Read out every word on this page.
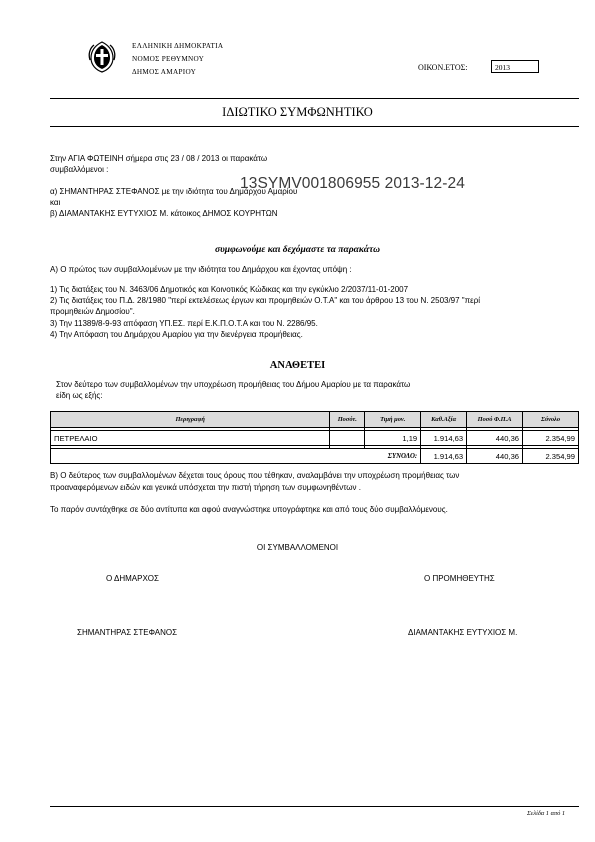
ΕΛΛΗΝΙΚΗ ΔΗΜΟΚΡΑΤΙΑ
ΝΟΜΟΣ ΡΕΘΥΜΝΟΥ
ΔΗΜΟΣ ΑΜΑΡΙΟΥ	ΟΙΚΟΝ.ΕΤΟΣ:	2013
ΙΔΙΩΤΙΚΟ ΣΥΜΦΩΝΗΤΙΚΟ
Στην ΑΓΙΑ ΦΩΤΕΙΝΗ σήμερα στις 23 / 08 / 2013 οι παρακάτω
συμβαλλόμενοι :
α) ΣΗΜΑΝΤΗΡΑΣ ΣΤΕΦΑΝΟΣ με την ιδιότητα του Δημάρχου Αμαρίου
και
β) ΔΙΑΜΑΝΤΑΚΗΣ ΕΥΤΥΧΙΟΣ Μ. κάτοικος ΔΗΜΟΣ ΚΟΥΡΗΤΩΝ
13SYMV001806955 2013-12-24
συμφωνούμε και δεχόμαστε τα παρακάτω
Α) Ο πρώτος των συμβαλλομένων με την ιδιότητα του Δημάρχου και έχοντας υπόψη :
1) Τις διατάξεις του Ν. 3463/06 Δημοτικός και Κοινοτικός Κώδικας και την εγκύκλιο 2/2037/11-01-2007
2) Τις διατάξεις του Π.Δ. 28/1980 "περί εκτελέσεως έργων και προμηθειών Ο.Τ.Α" και του άρθρου 13 του Ν. 2503/97 "περί
προμηθειών Δημοσίου".
3) Την 11389/8-9-93 απόφαση ΥΠ.ΕΣ. περί Ε.Κ.Π.Ο.Τ.Α και του Ν. 2286/95.
4) Την Απόφαση του Δημάρχου Αμαρίου για την διενέργεια προμήθειας.
ΑΝΑΘΕΤΕΙ
Στον δεύτερο των συμβαλλομένων την υποχρέωση προμήθειας του Δήμου Αμαρίου με τα παρακάτω
είδη ως εξής:
Περιγραφή	Ποσότ.	Τιμή μον.	Καθ.Αξία	Ποσό Φ.Π.Α	Σύνολο

ΠΕΤΡΕΛΑΙΟ		1,19	1.914,63	440,36	2.354,99

ΣΥΝΟΛΟ:			1.914,63	440,36	2.354,99
Β) Ο δεύτερος των συμβαλλομένων δέχεται τους όρους που τέθηκαν, αναλαμβάνει την υποχρέωση προμήθειας των
προαναφερόμενων ειδών και γενικά υπόσχεται την πιστή τήρηση των συμφωνηθέντων .
Το παρόν συντάχθηκε σε δύο αντίτυπα και αφού αναγνώστηκε υπογράφτηκε και από τους δύο συμβαλλόμενους.
ΟΙ ΣΥΜΒΑΛΛΟΜΕΝΟΙ
Ο ΔΗΜΑΡΧΟΣ	Ο ΠΡΟΜΗΘΕΥΤΗΣ
ΣΗΜΑΝΤΗΡΑΣ ΣΤΕΦΑΝΟΣ	ΔΙΑΜΑΝΤΑΚΗΣ ΕΥΤΥΧΙΟΣ Μ.
Σελίδα 1 από 1
